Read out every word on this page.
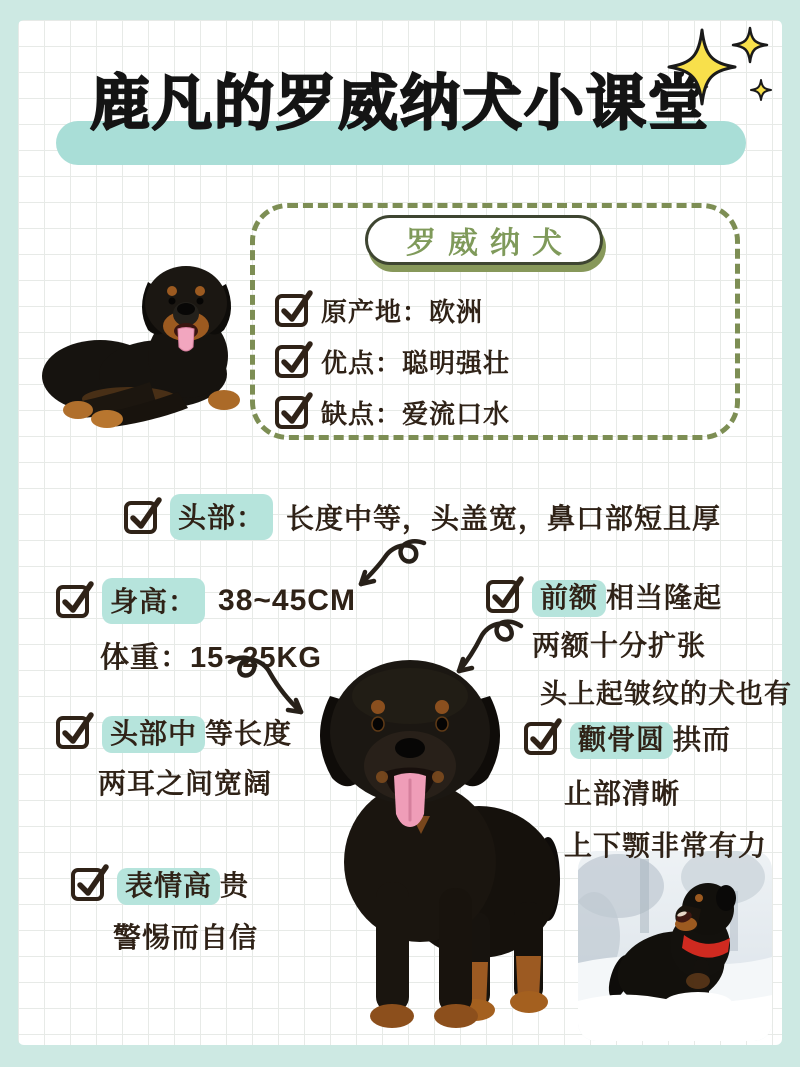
鹿凡的罗威纳犬小课堂
罗威纳犬
原产地： 欧洲
优点： 聪明强壮
缺点： 爱流口水
头部： 长度中等，头盖宽，鼻口部短且厚
身高： 38~45CM
体重：15~25KG
前额 相当隆起
两额十分扩张
头上起皱纹的犬也有
头部中 等长度
两耳之间宽阔
颧骨圆 拱而
止部清晰
上下颚非常有力
表情高 贵
警惕而自信
